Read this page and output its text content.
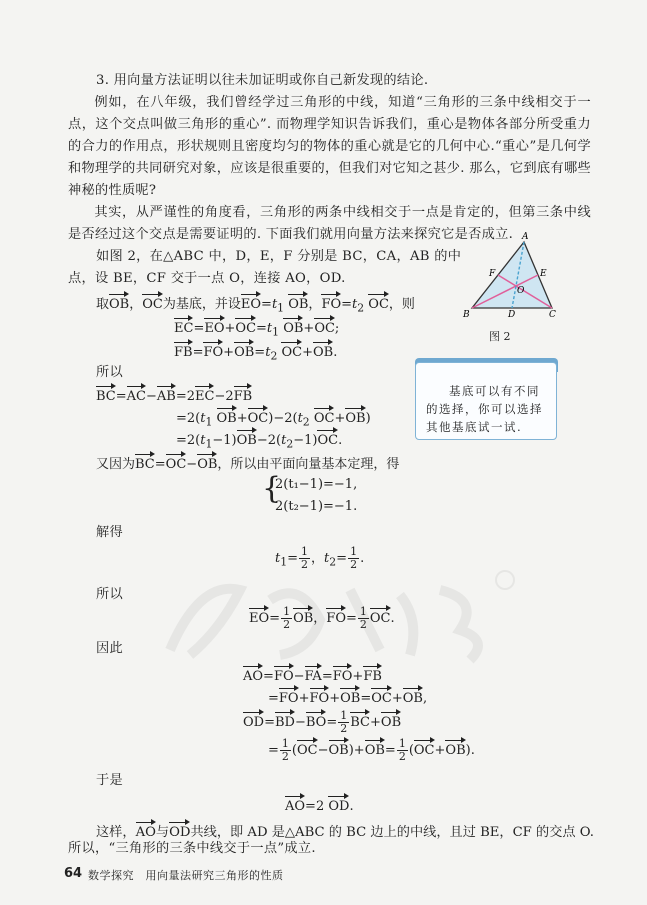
3. 用向量方法证明以往未加证明或你自己新发现的结论.
例如，在八年级，我们曾经学过三角形的中线，知道“三角形的三条中线相交于一点，这个交点叫做三角形的重心”. 而物理学知识告诉我们，重心是物体各部分所受重力的合力的作用点，形状规则且密度均匀的物体的重心就是它的几何中心.“重心”是几何学和物理学的共同研究对象，应该是很重要的，但我们对它知之甚少. 那么，它到底有哪些神秘的性质呢?
其实，从严谨性的角度看，三角形的两条中线相交于一点是肯定的，但第三条中线是否经过这个交点是需要证明的. 下面我们就用向量方法来探究它是否成立.
如图 2，在△ABC 中，D，E，F 分别是 BC，CA，AB 的中
点，设 BE，CF 交于一点 O，连接 AO，OD.
取OB，OC为基底，并设$EO=t_1$ OB，$FO=t_2$ OC，则
$EC=EO+OC=t_1$ OB+OC;
$FB=FO+OB=t_2$ OC+OB.
所以
BC=AC−AB=2EC−2FB
$=2(t_1$ $OB+OC)-2(t_2$ OC+OB)
$=2(t_1-1)OB-2(t_2-1)OC$.
又因为BC=OC−OB，所以由平面向量基本定理，得
{
2(t₁−1)=−1,
2(t₂−1)=−1.
解得
$t_1= \frac{1}{2}$ ，$t_2= \frac{1}{2}$ .
所以
$EO= \frac{1}{2}$ OB，$FO= \frac{1}{2}$ OC.
因此
AO=FO−FA=FO+FB
=FO+FO+OB=OC+OB,
$OD=BD-BO= \frac{1}{2} BC+OB$
= $\frac{1}{2} (OC-OB)+OB= \frac{1}{2} (OC+OB)$.
于是
AO=2 OD.
这样，AO与OD共线，即 AD 是△ABC 的 BC 边上的中线，且过 BE，CF 的交点 O.
A
B	C
D
E
F
O
图 2
基底可以有不同的选择，你可以选择其他基底试一试.
64 数学探究　用向量法研究三角形的性质
所以，“三角形的三条中线交于一点”成立.
